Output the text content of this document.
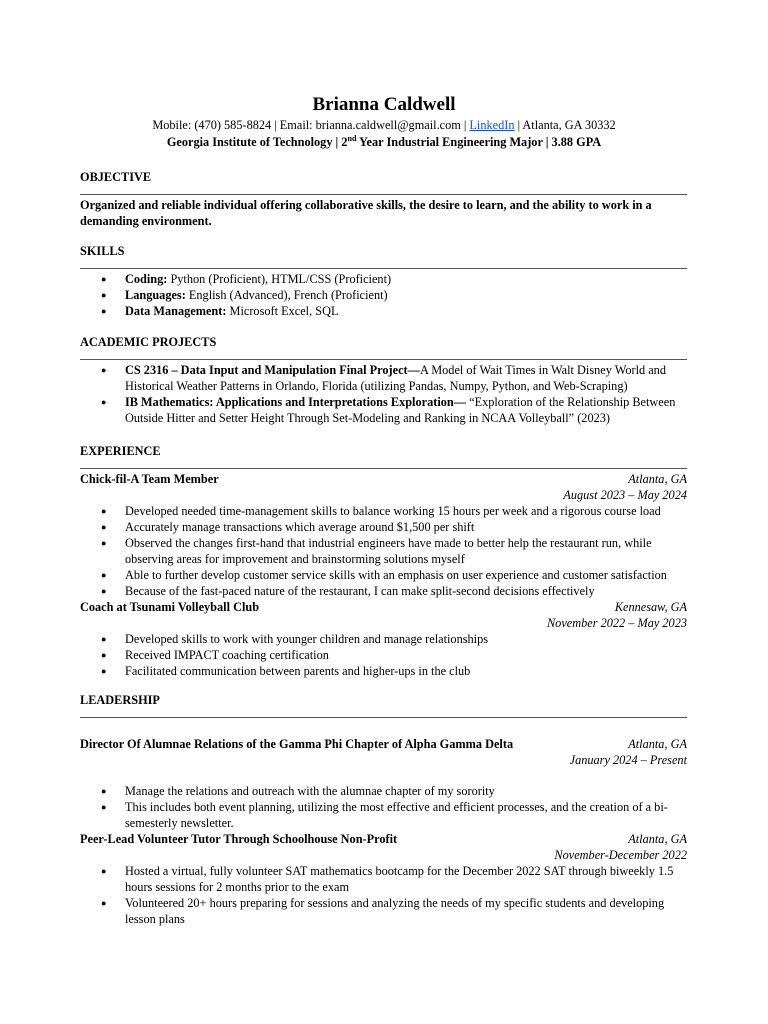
Brianna Caldwell
Mobile: (470) 585-8824 | Email: brianna.caldwell@gmail.com | LinkedIn | Atlanta, GA 30332
Georgia Institute of Technology | 2nd Year Industrial Engineering Major | 3.88 GPA
OBJECTIVE
Organized and reliable individual offering collaborative skills, the desire to learn, and the ability to work in a demanding environment.
SKILLS
● Coding: Python (Proficient), HTML/CSS (Proficient)
● Languages: English (Advanced), French (Proficient)
● Data Management: Microsoft Excel, SQL
ACADEMIC PROJECTS
● CS 2316 – Data Input and Manipulation Final Project—A Model of Wait Times in Walt Disney World and Historical Weather Patterns in Orlando, Florida (utilizing Pandas, Numpy, Python, and Web-Scraping)
● IB Mathematics: Applications and Interpretations Exploration— “Exploration of the Relationship Between Outside Hitter and Setter Height Through Set-Modeling and Ranking in NCAA Volleyball” (2023)
EXPERIENCE
Chick-fil-A Team Member	Atlanta, GA
August 2023 – May 2024
● Developed needed time-management skills to balance working 15 hours per week and a rigorous course load
● Accurately manage transactions which average around $1,500 per shift
● Observed the changes first-hand that industrial engineers have made to better help the restaurant run, while observing areas for improvement and brainstorming solutions myself
● Able to further develop customer service skills with an emphasis on user experience and customer satisfaction
● Because of the fast-paced nature of the restaurant, I can make split-second decisions effectively
Coach at Tsunami Volleyball Club	Kennesaw, GA
November 2022 – May 2023
● Developed skills to work with younger children and manage relationships
● Received IMPACT coaching certification
● Facilitated communication between parents and higher-ups in the club
LEADERSHIP
Director Of Alumnae Relations of the Gamma Phi Chapter of Alpha Gamma Delta	Atlanta, GA
January 2024 – Present
● Manage the relations and outreach with the alumnae chapter of my sorority
● This includes both event planning, utilizing the most effective and efficient processes, and the creation of a bi-semesterly newsletter.
Peer-Lead Volunteer Tutor Through Schoolhouse Non-Profit	Atlanta, GA
November-December 2022
● Hosted a virtual, fully volunteer SAT mathematics bootcamp for the December 2022 SAT through biweekly 1.5 hours sessions for 2 months prior to the exam
● Volunteered 20+ hours preparing for sessions and analyzing the needs of my specific students and developing lesson plans
